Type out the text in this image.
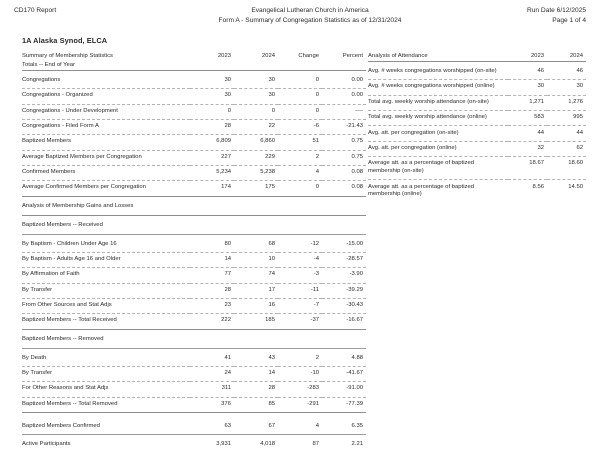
CD170 Report	Evangelical Lutheran Church in America
Form A - Summary of Congregation Statistics as of 12/31/2024
Run Date 6/12/2025
Page 1 of 4
1A Alaska Synod, ELCA
Summary of Membership Statistics
Totals -- End of Year	2023	2024	Change	Percent

Congregations	30	30	0	0.00
Congregations - Organized	30	30	0	0.00
Congregations - Under Development	0	0	0	----
Congregations - Filed Form A	28	22	-6	-21.43
Baptized Members	6,809	6,860	51	0.75
Average Baptized Members per Congregation	227	229	2	0.75
Confirmed Members	5,234	5,238	4	0.08
Average Confirmed Members per Congregation	174	175	0	0.08

Analysis of Membership Gains and Losses				

Baptized Members -- Received				

By Baptism - Children Under Age 16	80	68	-12	-15.00
By Baptism - Adults Age 16 and Older	14	10	-4	-28.57
By Affirmation of Faith	77	74	-3	-3.90
By Transfer	28	17	-11	-39.29
From Other Sources and Stat Adjs	23	16	-7	-30.43
Baptized Members -- Total Received	222	185	-37	-16.67

Baptized Members -- Removed				

By Death	41	43	2	4.88
By Transfer	24	14	-10	-41.67
For Other Reasons and Stat Adjs	311	28	-283	-91.00
Baptized Members -- Total Removed	376	85	-291	-77.39

Baptized Members Confirmed	63	67	4	6.35

Active Participants	3,931	4,018	87	2.21
Analysis of Attendance	2023	2024

Avg. # weeks congregations worshipped (on-site)	46	46
Avg. # weeks congregations worshipped (online)	30	30
Total avg. weekly worship attendance (on-site)	1,271	1,276
Total avg. weekly worship attendance (online)	583	995
Avg. att. per congregation (on-site)	44	44
Avg. att. per congregation (online)	32	62
Average att. as a percentage of baptized membership (on-site)	18.67	18.60
Average att. as a percentage of baptized membership (online)	8.56	14.50
